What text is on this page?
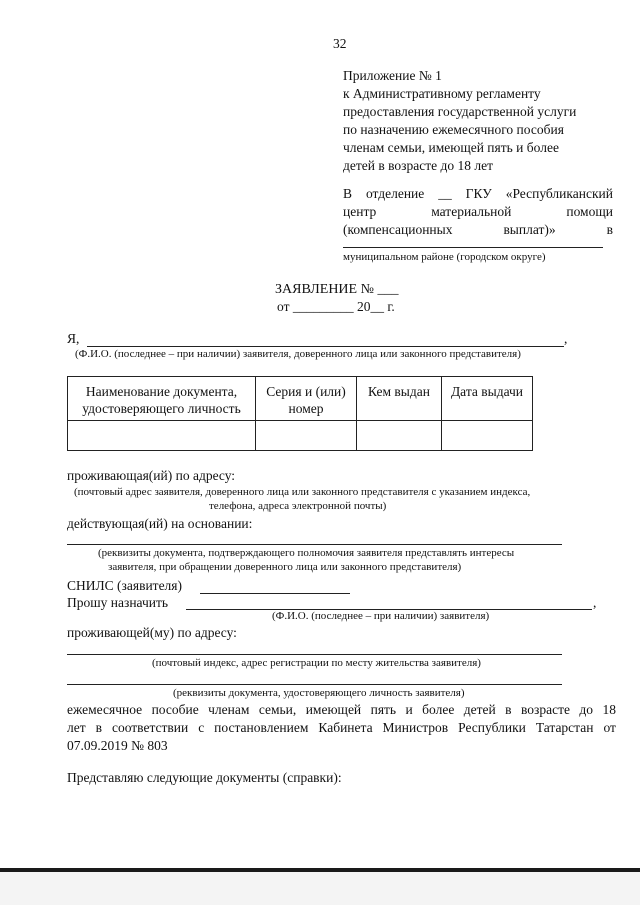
32
Приложение № 1
к Административному регламенту
предоставления государственной услуги
по назначению ежемесячного пособия
членам семьи, имеющей пять и более
детей в возрасте до 18 лет
В отделение __ ГКУ «Республиканский
центр	материальной	помощи
(компенсационных	выплат)»	в
муниципальном районе (городском округе)
ЗАЯВЛЕНИЕ № ___
от _________ 20__ г.
Я,	,
(Ф.И.О. (последнее – при наличии) заявителя, доверенного лица или законного представителя)
Наименование документа, удостоверяющего личность	Серия и (или) номер	Кем выдан	Дата выдачи

проживающая(ий) по адресу:
(почтовый адрес заявителя, доверенного лица или законного представителя с указанием индекса,
телефона, адреса электронной почты)
действующая(ий) на основании:
(реквизиты документа, подтверждающего полномочия заявителя представлять интересы
заявителя, при обращении доверенного лица или законного представителя)
СНИЛС (заявителя)
Прошу назначить	,
(Ф.И.О. (последнее – при наличии) заявителя)
проживающей(му) по адресу:
(почтовый индекс, адрес регистрации по месту жительства заявителя)
(реквизиты документа, удостоверяющего личность заявителя)
ежемесячное пособие членам семьи, имеющей пять и более детей в возрасте до 18
лет в соответствии с постановлением Кабинета Министров Республики Татарстан от
07.09.2019 № 803
Представляю следующие документы (справки):
